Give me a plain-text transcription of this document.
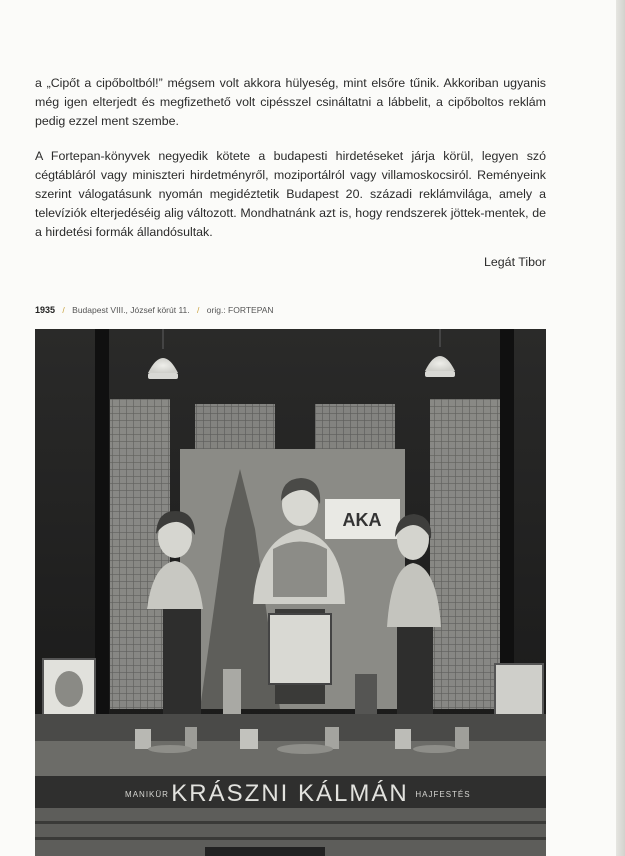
a „Cipőt a cipőboltból!” mégsem volt akkora hülyeség, mint elsőre tűnik. Akkoriban ugyanis még igen elterjedt és megfizethető volt cipésszel csináltatni a lábbelit, a cipőboltos reklám pedig ezzel ment szembe.

A Fortepan-könyvek negyedik kötete a budapesti hirdetéseket járja körül, legyen szó cégtábláról vagy miniszteri hirdetményről, moziportálról vagy villamoskocsiról. Reményeink szerint válogatásunk nyomán megidéztetik Budapest 20. századi reklámvilága, amely a televíziók elterjedéséig alig változott. Mondhatnánk azt is, hogy rendszerek jöttek-mentek, de a hirdetési formák állandósultak.

Legát Tibor
1935 / Budapest VIII., József körút 11. / orig.: FORTEPAN
AKA
MANIKÜR KRÁSZNI KÁLMÁN HAJFESTÉS
